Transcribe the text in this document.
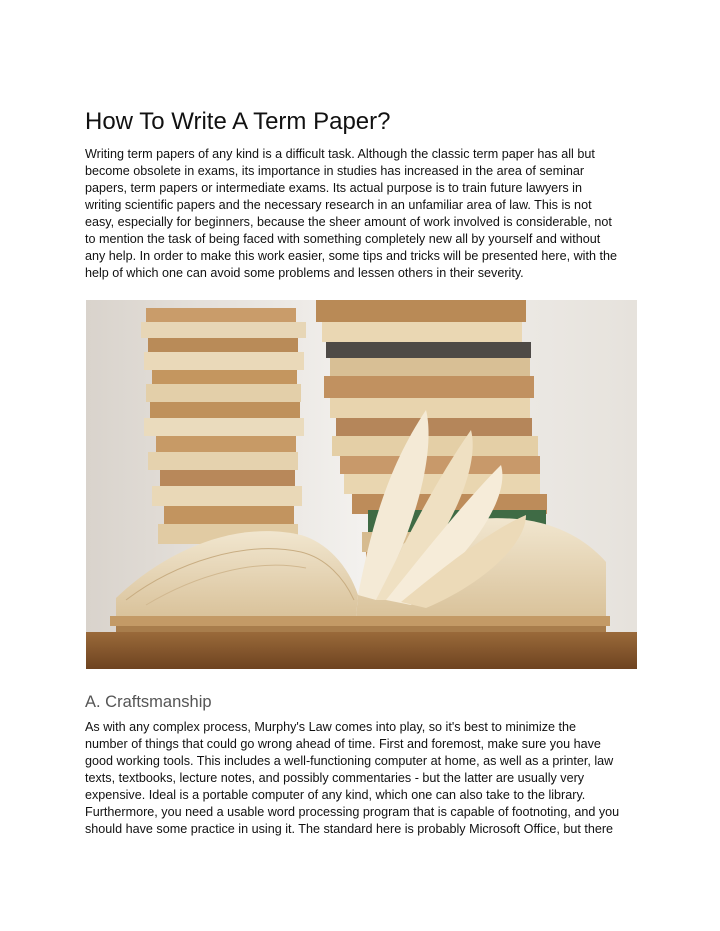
How To Write A Term Paper?
Writing term papers of any kind is a difficult task. Although the classic term paper has all but
become obsolete in exams, its importance in studies has increased in the area of seminar
papers, term papers or intermediate exams. Its actual purpose is to train future lawyers in
writing scientific papers and the necessary research in an unfamiliar area of law. This is not
easy, especially for beginners, because the sheer amount of work involved is considerable, not
to mention the task of being faced with something completely new all by yourself and without
any help. In order to make this work easier, some tips and tricks will be presented here, with the
help of which one can avoid some problems and lessen others in their severity.
A. Craftsmanship
As with any complex process, Murphy's Law comes into play, so it's best to minimize the
number of things that could go wrong ahead of time. First and foremost, make sure you have
good working tools. This includes a well-functioning computer at home, as well as a printer, law
texts, textbooks, lecture notes, and possibly commentaries - but the latter are usually very
expensive. Ideal is a portable computer of any kind, which one can also take to the library.
Furthermore, you need a usable word processing program that is capable of footnoting, and you
should have some practice in using it. The standard here is probably Microsoft Office, but there
